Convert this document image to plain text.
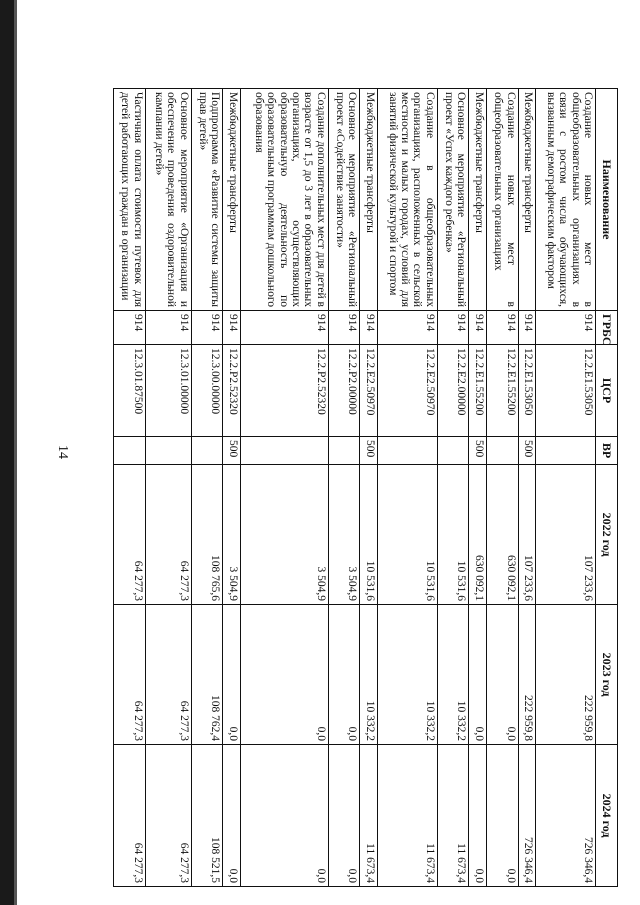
14
Наименование	ГРБС	ЦСР	ВР	2022 год	2023 год	2024 год
Создание новых мест в общеобразовательных организациях в связи с ростом числа обучающихся, вызванным демографическим фактором	914	12.2.E1.53050		107 233,6	222 959,8	726 346,4
Межбюджетные трансферты	914	12.2.E1.53050	500	107 233,6	222 959,8	726 346,4
Создание новых мест в общеобразовательных организациях	914	12.2.E1.55200		630 092,1	0,0	0,0
Межбюджетные трансферты	914	12.2.E1.55200	500	630 092,1	0,0	0,0
Основное мероприятие «Региональный проект «Успех каждого ребенка»	914	12.2.E2.00000		10 531,6	10 332,2	11 673,4
Создание в общеобразовательных организациях, расположенных в сельской местности и малых городах, условий для занятий физической культурой и спортом	914	12.2.E2.50970		10 531,6	10 332,2	11 673,4
Межбюджетные трансферты	914	12.2.E2.50970	500	10 531,6	10 332,2	11 673,4
Основное мероприятие «Региональный проект «Содействие занятости»	914	12.2.P2.00000		3 504,9	0,0	0,0
Создание дополнительных мест для детей в возрасте от 1,5 до 3 лет в образовательных организациях, осуществляющих образовательную деятельность по образовательным программам дошкольного образования	914	12.2.P2.52320		3 504,9	0,0	0,0
Межбюджетные трансферты	914	12.2.P2.52320	500	3 504,9	0,0	0,0
Подпрограмма «Развитие системы защиты прав детей»	914	12.3.00.00000		108 765,6	108 762,4	108 521,5
Основное мероприятие «Организация и обеспечение проведения оздоровительной кампании детей»	914	12.3.01.00000		64 277,3	64 277,3	64 277,3
Частичная оплата стоимости путевок для детей работающих граждан в организации	914	12.3.01.87500		64 277,3	64 277,3	64 277,3
